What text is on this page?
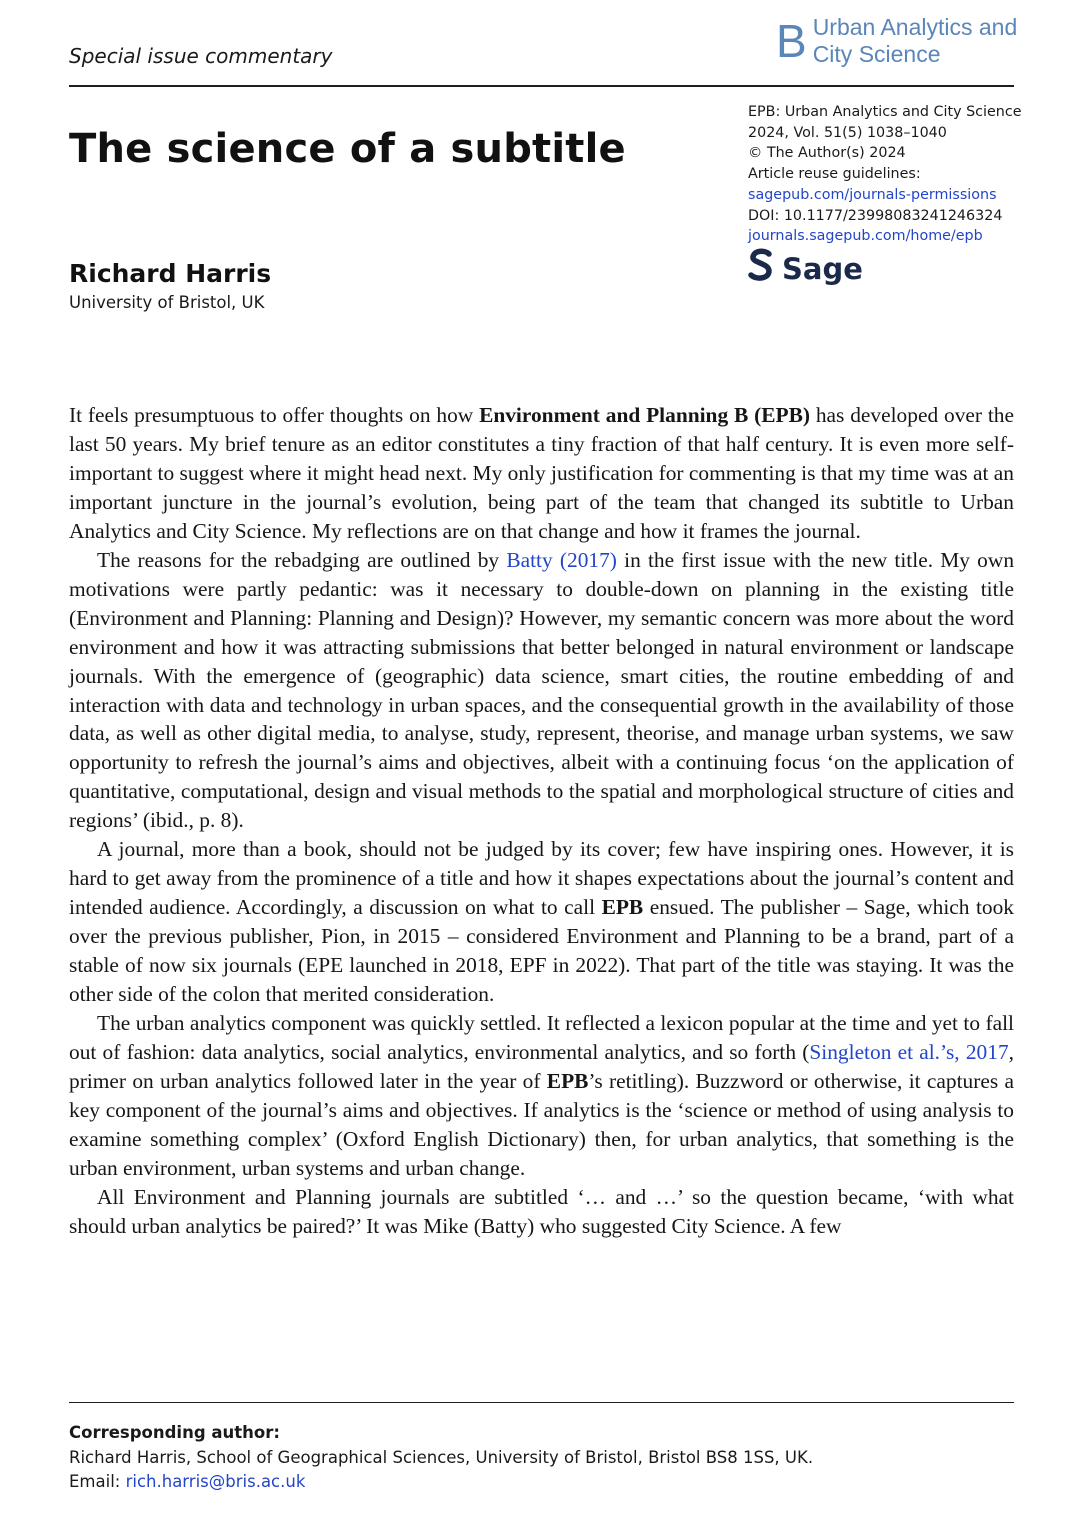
Special issue commentary	B Urban Analytics and
City Science
The science of a subtitle
EPB: Urban Analytics and City Science
2024, Vol. 51(5) 1038–1040
© The Author(s) 2024
Article reuse guidelines:
sagepub.com/journals-permissions
DOI: 10.1177/23998083241246324
journals.sagepub.com/home/epb
Sage
Richard Harris
University of Bristol, UK

It feels presumptuous to offer thoughts on how Environment and Planning B (EPB) has developed over the last 50 years. My brief tenure as an editor constitutes a tiny fraction of that half century. It is even more self-important to suggest where it might head next. My only justification for commenting is that my time was at an important juncture in the journal’s evolution, being part of the team that changed its subtitle to Urban Analytics and City Science. My reflections are on that change and how it frames the journal.

The reasons for the rebadging are outlined by Batty (2017) in the first issue with the new title. My own motivations were partly pedantic: was it necessary to double-down on planning in the existing title (Environment and Planning: Planning and Design)? However, my semantic concern was more about the word environment and how it was attracting submissions that better belonged in natural environment or landscape journals. With the emergence of (geographic) data science, smart cities, the routine embedding of and interaction with data and technology in urban spaces, and the consequential growth in the availability of those data, as well as other digital media, to analyse, study, represent, theorise, and manage urban systems, we saw opportunity to refresh the journal’s aims and objectives, albeit with a continuing focus ‘on the application of quantitative, computational, design and visual methods to the spatial and morphological structure of cities and regions’ (ibid., p. 8).

A journal, more than a book, should not be judged by its cover; few have inspiring ones. However, it is hard to get away from the prominence of a title and how it shapes expectations about the journal’s content and intended audience. Accordingly, a discussion on what to call EPB ensued. The publisher – Sage, which took over the previous publisher, Pion, in 2015 – considered Environment and Planning to be a brand, part of a stable of now six journals (EPE launched in 2018, EPF in 2022). That part of the title was staying. It was the other side of the colon that merited consideration.

The urban analytics component was quickly settled. It reflected a lexicon popular at the time and yet to fall out of fashion: data analytics, social analytics, environmental analytics, and so forth (Singleton et al.’s, 2017, primer on urban analytics followed later in the year of EPB’s retitling). Buzzword or otherwise, it captures a key component of the journal’s aims and objectives. If analytics is the ‘science or method of using analysis to examine something complex’ (Oxford English Dictionary) then, for urban analytics, that something is the urban environment, urban systems and urban change.

All Environment and Planning journals are subtitled ‘… and …’ so the question became, ‘with what should urban analytics be paired?’ It was Mike (Batty) who suggested City Science. A few

Corresponding author:
Richard Harris, School of Geographical Sciences, University of Bristol, Bristol BS8 1SS, UK.
Email: rich.harris@bris.ac.uk
